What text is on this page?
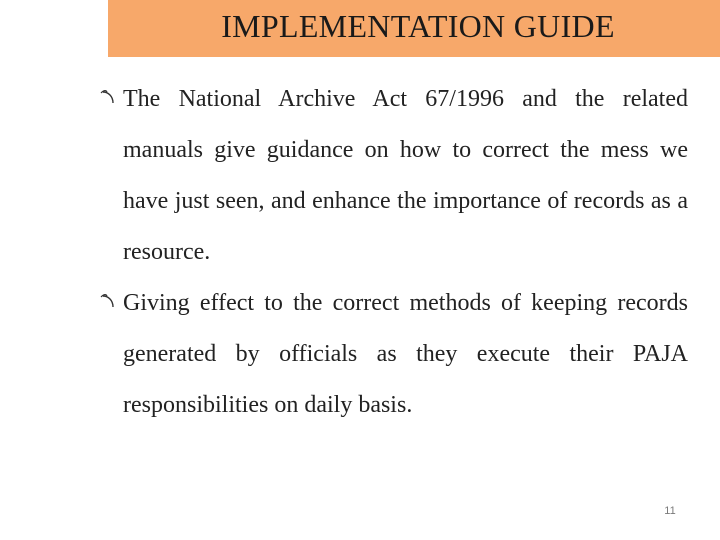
IMPLEMENTATION GUIDE
The National Archive Act 67/1996 and the related manuals give guidance on how to correct the mess we have just seen, and enhance the importance of records as a resource.
Giving effect to the correct methods of keeping records generated by officials as they execute their PAJA responsibilities on daily basis.
11
